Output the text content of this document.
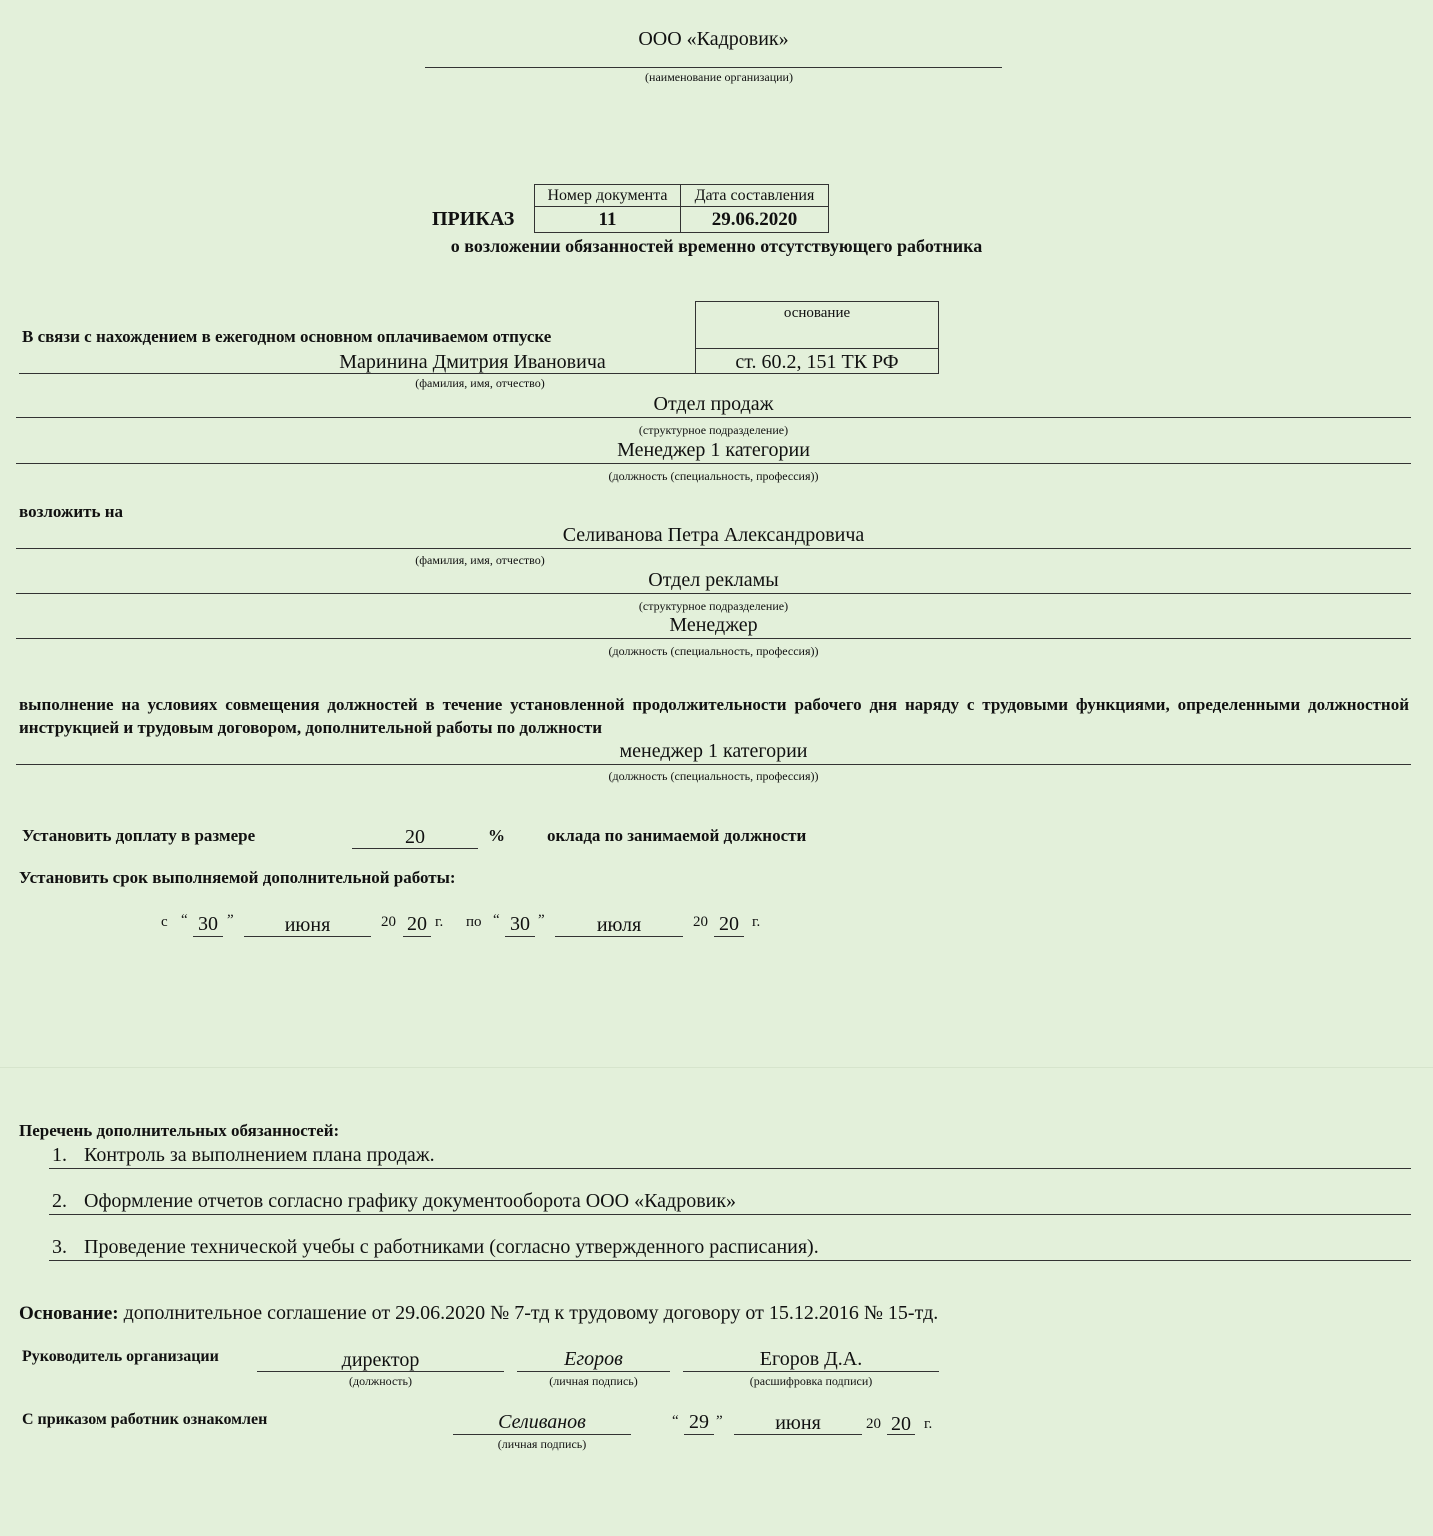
ООО «Кадровик»
(наименование организации)
Номер документа	Дата составления
11	29.06.2020
ПРИКАЗ
о возложении обязанностей временно отсутствующего работника
В связи с нахождением в ежегодном основном оплачиваемом отпуске
основание
ст. 60.2, 151 ТК РФ
Маринина Дмитрия Ивановича
(фамилия, имя, отчество)
Отдел продаж
(структурное подразделение)
Менеджер 1 категории
(должность (специальность, профессия))
возложить на
Селиванова Петра Александровича
(фамилия, имя, отчество)
Отдел рекламы
(структурное подразделение)
Менеджер
(должность (специальность, профессия))
выполнение на условиях совмещения должностей в течение установленной продолжительности рабочего дня наряду с трудовыми функциями, определенными должностной инструкцией и трудовым договором, дополнительной работы по должности
менеджер 1 категории
(должность (специальность, профессия))
Установить доплату в размере	20	% оклада по занимаемой должности
Установить срок выполняемой дополнительной работы:
с “ 30 ”	июня	20 20 г. по “ 30 ”	июля	20 20 г.
Перечень дополнительных обязанностей:
1. Контроль за выполнением плана продаж.
2. Оформление отчетов согласно графику документооборота ООО «Кадровик»
3. Проведение технической учебы с работниками (согласно утвержденного расписания).
Основание: дополнительное соглашение от 29.06.2020 № 7-тд к трудовому договору от 15.12.2016 № 15-тд.
Руководитель организации	директор
(должность)
Егоров
(личная подпись)
Егоров Д.А.
(расшифровка подписи)
С приказом работник ознакомлен	Селиванов
(личная подпись)
“ 29 ”	июня	20 20 г.
